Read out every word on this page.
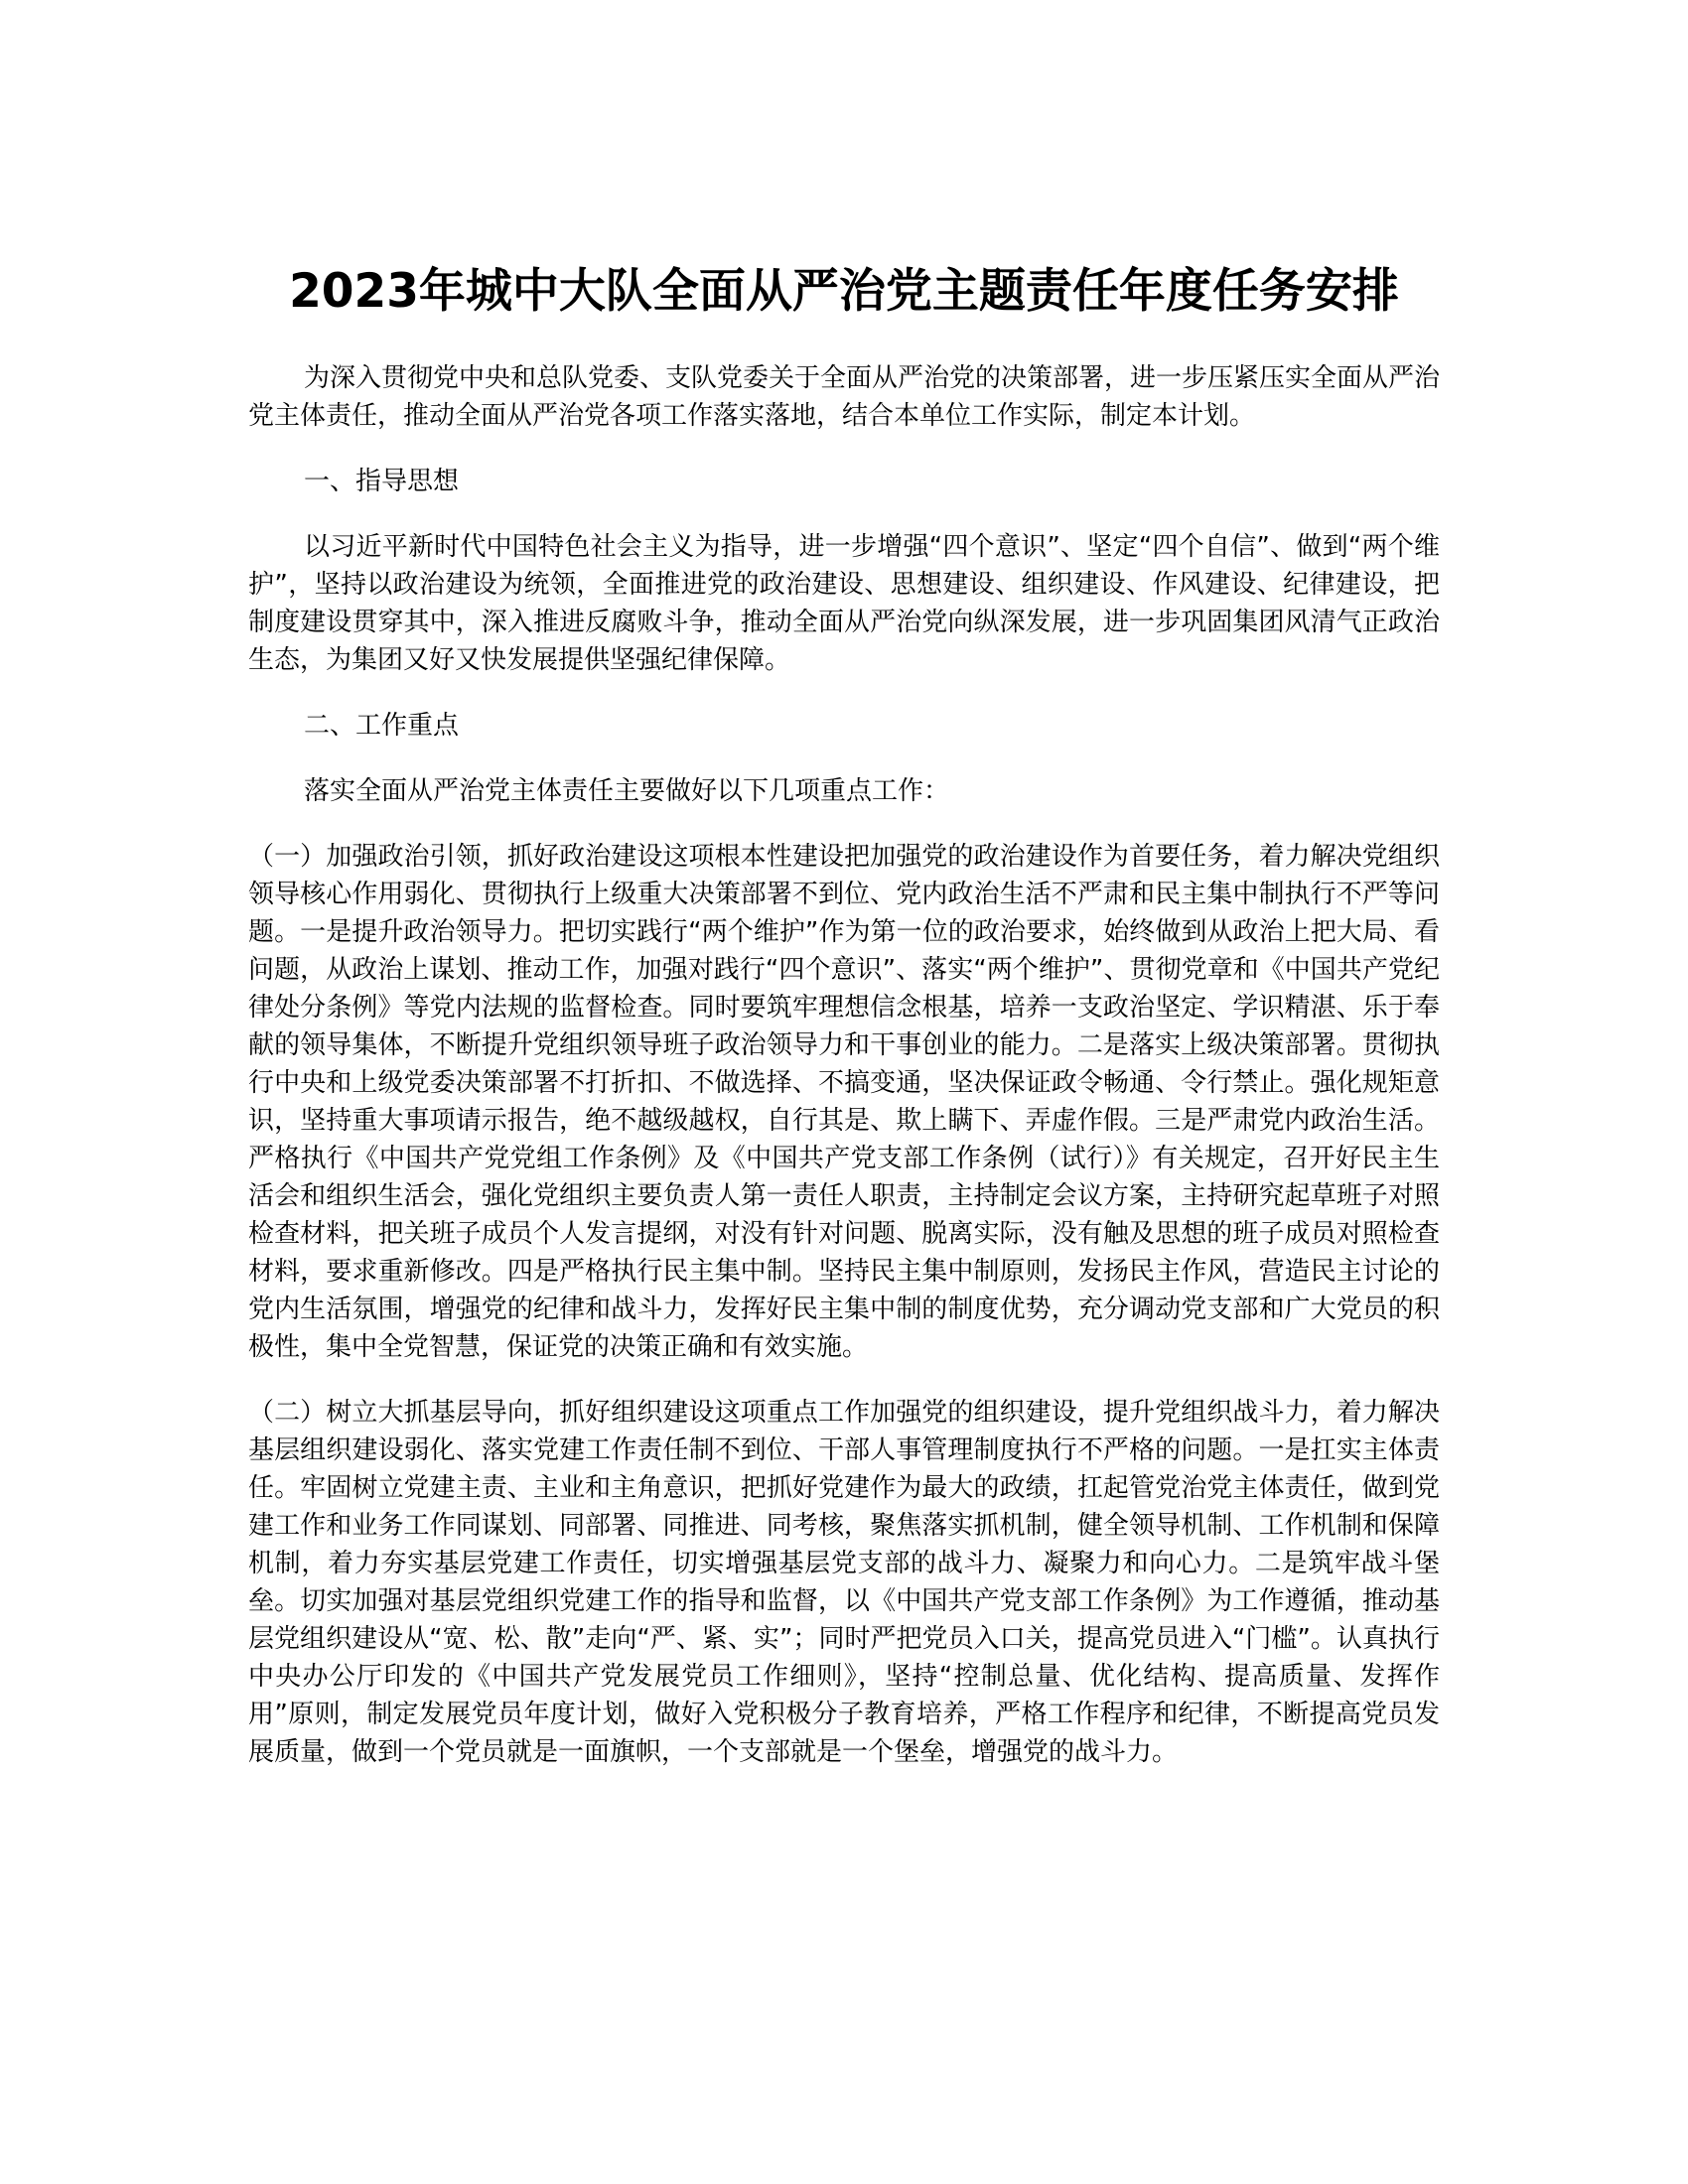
2023年城中大队全面从严治党主题责任年度任务安排

为深入贯彻党中央和总队党委、支队党委关于全面从严治党的决策部署，进一步压紧压实全面从严治党主体责任，推动全面从严治党各项工作落实落地，结合本单位工作实际，制定本计划。

一、指导思想

以习近平新时代中国特色社会主义为指导，进一步增强“四个意识”、坚定“四个自信”、做到“两个维护”，坚持以政治建设为统领，全面推进党的政治建设、思想建设、组织建设、作风建设、纪律建设，把制度建设贯穿其中，深入推进反腐败斗争，推动全面从严治党向纵深发展，进一步巩固集团风清气正政治生态，为集团又好又快发展提供坚强纪律保障。

二、工作重点

落实全面从严治党主体责任主要做好以下几项重点工作：

（一）加强政治引领，抓好政治建设这项根本性建设把加强党的政治建设作为首要任务，着力解决党组织领导核心作用弱化、贯彻执行上级重大决策部署不到位、党内政治生活不严肃和民主集中制执行不严等问题。一是提升政治领导力。把切实践行“两个维护”作为第一位的政治要求，始终做到从政治上把大局、看问题，从政治上谋划、推动工作，加强对践行“四个意识”、落实“两个维护”、贯彻党章和《中国共产党纪律处分条例》等党内法规的监督检查。同时要筑牢理想信念根基，培养一支政治坚定、学识精湛、乐于奉献的领导集体，不断提升党组织领导班子政治领导力和干事创业的能力。二是落实上级决策部署。贯彻执行中央和上级党委决策部署不打折扣、不做选择、不搞变通，坚决保证政令畅通、令行禁止。强化规矩意识，坚持重大事项请示报告，绝不越级越权，自行其是、欺上瞒下、弄虚作假。三是严肃党内政治生活。严格执行《中国共产党党组工作条例》及《中国共产党支部工作条例（试行）》有关规定，召开好民主生活会和组织生活会，强化党组织主要负责人第一责任人职责，主持制定会议方案，主持研究起草班子对照检查材料，把关班子成员个人发言提纲，对没有针对问题、脱离实际，没有触及思想的班子成员对照检查材料，要求重新修改。四是严格执行民主集中制。坚持民主集中制原则，发扬民主作风，营造民主讨论的党内生活氛围，增强党的纪律和战斗力，发挥好民主集中制的制度优势，充分调动党支部和广大党员的积极性，集中全党智慧，保证党的决策正确和有效实施。

（二）树立大抓基层导向，抓好组织建设这项重点工作加强党的组织建设，提升党组织战斗力，着力解决基层组织建设弱化、落实党建工作责任制不到位、干部人事管理制度执行不严格的问题。一是扛实主体责任。牢固树立党建主责、主业和主角意识，把抓好党建作为最大的政绩，扛起管党治党主体责任，做到党建工作和业务工作同谋划、同部署、同推进、同考核，聚焦落实抓机制，健全领导机制、工作机制和保障机制，着力夯实基层党建工作责任，切实增强基层党支部的战斗力、凝聚力和向心力。二是筑牢战斗堡垒。切实加强对基层党组织党建工作的指导和监督，以《中国共产党支部工作条例》为工作遵循，推动基层党组织建设从“宽、松、散”走向“严、紧、实”；同时严把党员入口关，提高党员进入“门槛”。认真执行中央办公厅印发的《中国共产党发展党员工作细则》，坚持“控制总量、优化结构、提高质量、发挥作用”原则，制定发展党员年度计划，做好入党积极分子教育培养，严格工作程序和纪律，不断提高党员发展质量，做到一个党员就是一面旗帜，一个支部就是一个堡垒，增强党的战斗力。
